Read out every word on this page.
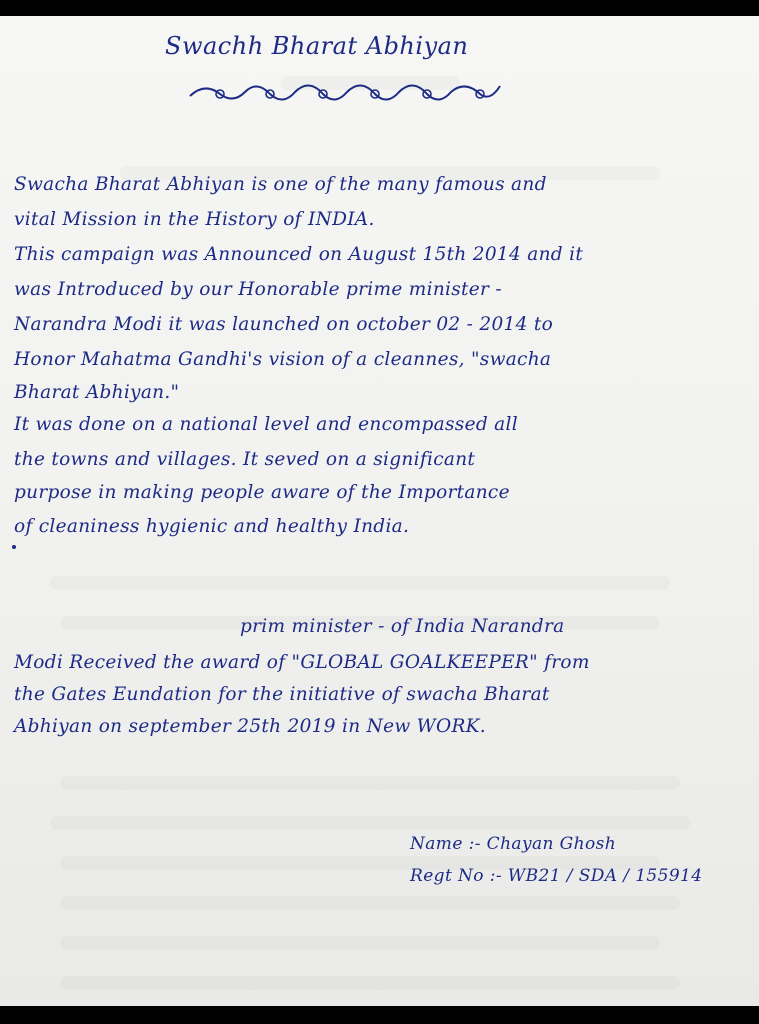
Swachh Bharat Abhiyan
Swacha Bharat Abhiyan is one of the many famous and
vital Mission in the History of INDIA.
This campaign was Announced on August 15th 2014 and it
was Introduced by our Honorable prime minister -
Narandra Modi it was launched on october 02 - 2014 to
Honor Mahatma Gandhi's vision of a cleannes, "swacha
Bharat Abhiyan."
It was done on a national level and encompassed all
the towns and villages. It seved on a significant
purpose in making people aware of the Importance
of cleaniness hygienic and healthy India.
prim minister - of India Narandra
Modi Received the award of "GLOBAL GOALKEEPER" from
the Gates Eundation for the initiative of swacha Bharat
Abhiyan on september 25th 2019 in New WORK.
Name :- Chayan Ghosh
Regt No :- WB21 / SDA / 155914
